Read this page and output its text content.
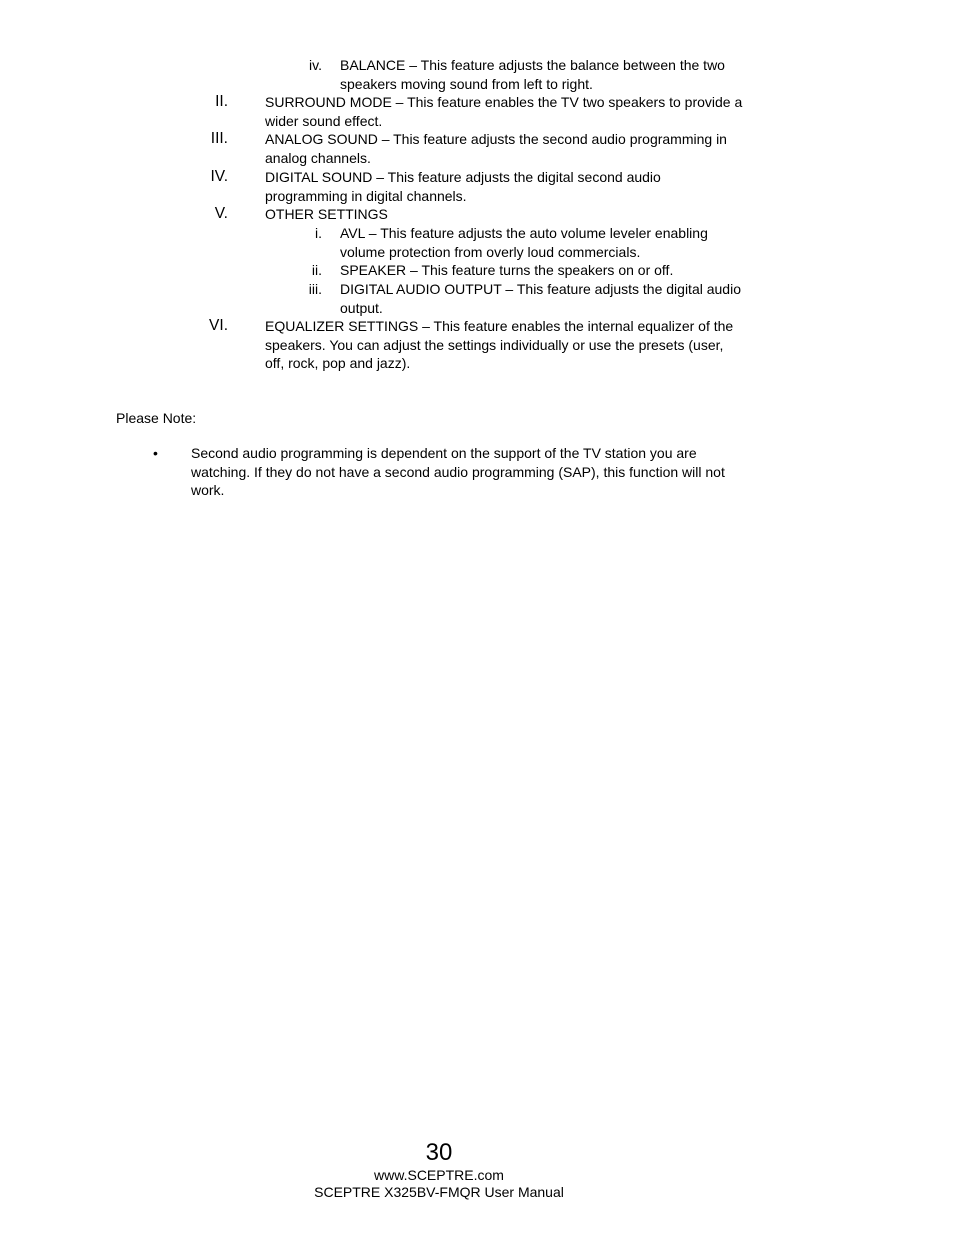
iv. BALANCE – This feature adjusts the balance between the two
speakers moving sound from left to right.
II.	SURROUND MODE – This feature enables the TV two speakers to provide a
wider sound effect.
III.	ANALOG SOUND – This feature adjusts the second audio programming in
analog channels.
IV.	DIGITAL SOUND – This feature adjusts the digital second audio
programming in digital channels.
V.	OTHER SETTINGS
i. AVL – This feature adjusts the auto volume leveler enabling
volume protection from overly loud commercials.
ii. SPEAKER – This feature turns the speakers on or off.
iii. DIGITAL AUDIO OUTPUT – This feature adjusts the digital audio
output.
VI.	EQUALIZER SETTINGS – This feature enables the internal equalizer of the
speakers. You can adjust the settings individually or use the presets (user,
off, rock, pop and jazz).
Please Note:
• Second audio programming is dependent on the support of the TV station you are
watching. If they do not have a second audio programming (SAP), this function will not
work.
30
www.SCEPTRE.com
SCEPTRE X325BV-FMQR User Manual
